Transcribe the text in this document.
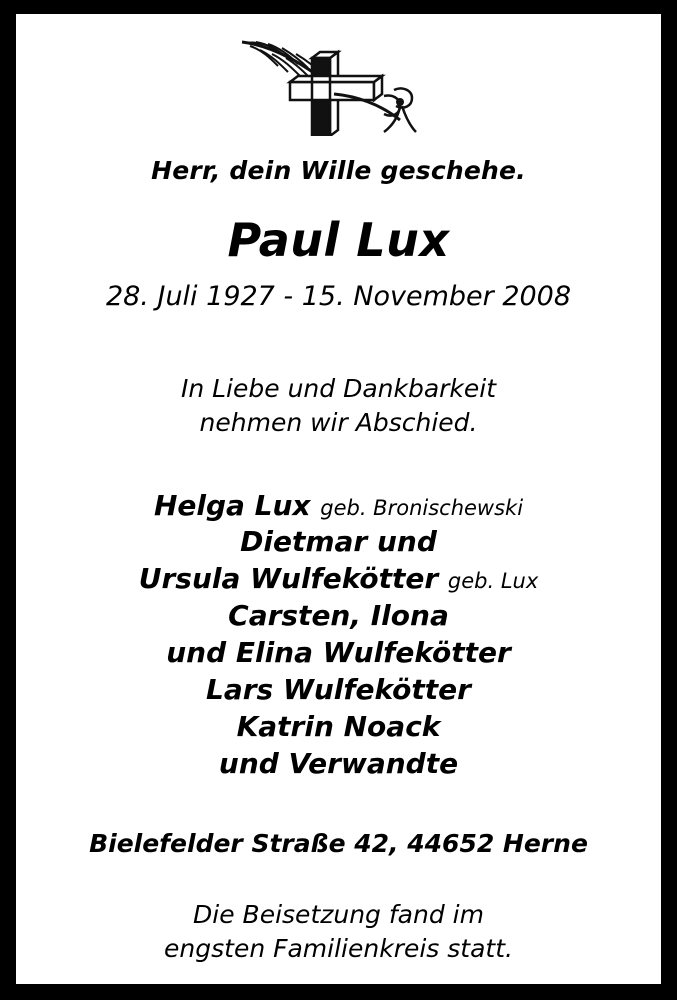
Herr, dein Wille geschehe.
Paul Lux
28. Juli 1927 - 15. November 2008
In Liebe und Dankbarkeit
nehmen wir Abschied.
Helga Lux geb. Bronischewski
Dietmar und
Ursula Wulfekötter geb. Lux
Carsten, Ilona
und Elina Wulfekötter
Lars Wulfekötter
Katrin Noack
und Verwandte
Bielefelder Straße 42, 44652 Herne
Die Beisetzung fand im
engsten Familienkreis statt.
